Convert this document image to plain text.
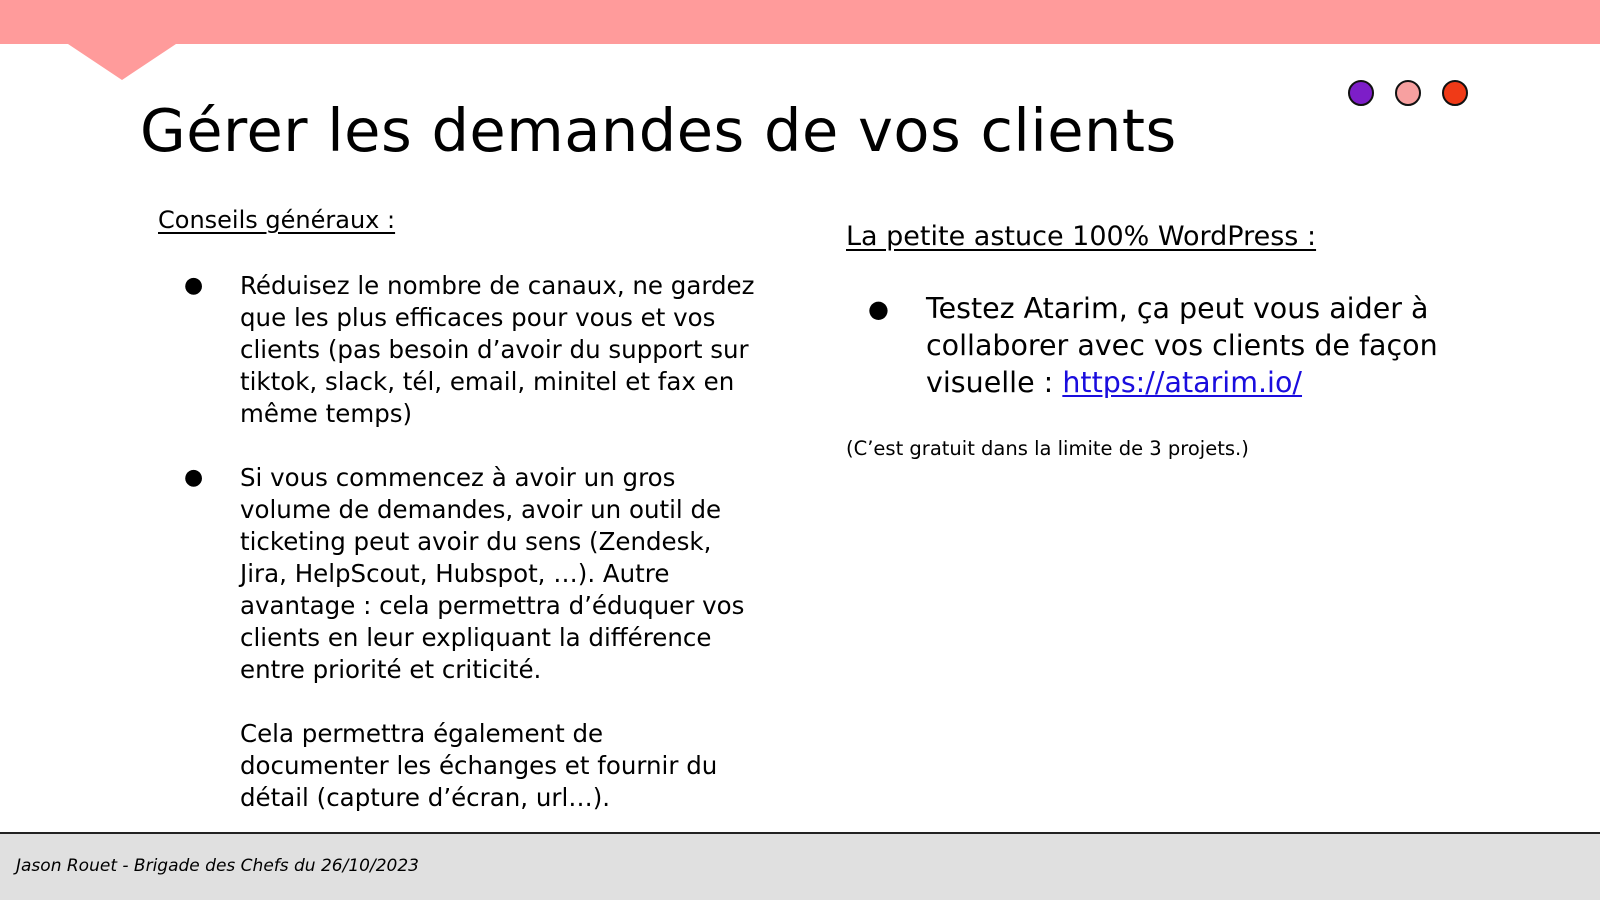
Gérer les demandes de vos clients

Conseils généraux :

● Réduisez le nombre de canaux, ne gardez que les plus efficaces pour vous et vos clients (pas besoin d’avoir du support sur tiktok, slack, tél, email, minitel et fax en même temps)
● Si vous commencez à avoir un gros volume de demandes, avoir un outil de ticketing peut avoir du sens (Zendesk, Jira, HelpScout, Hubspot, …). Autre avantage : cela permettra d’éduquer vos clients en leur expliquant la différence entre priorité et criticité.
Cela permettra également de documenter les échanges et fournir du détail (capture d’écran, url…).

La petite astuce 100% WordPress :

● Testez Atarim, ça peut vous aider à collaborer avec vos clients de façon visuelle : https://atarim.io/
(C’est gratuit dans la limite de 3 projets.)
Jason Rouet - Brigade des Chefs du 26/10/2023
